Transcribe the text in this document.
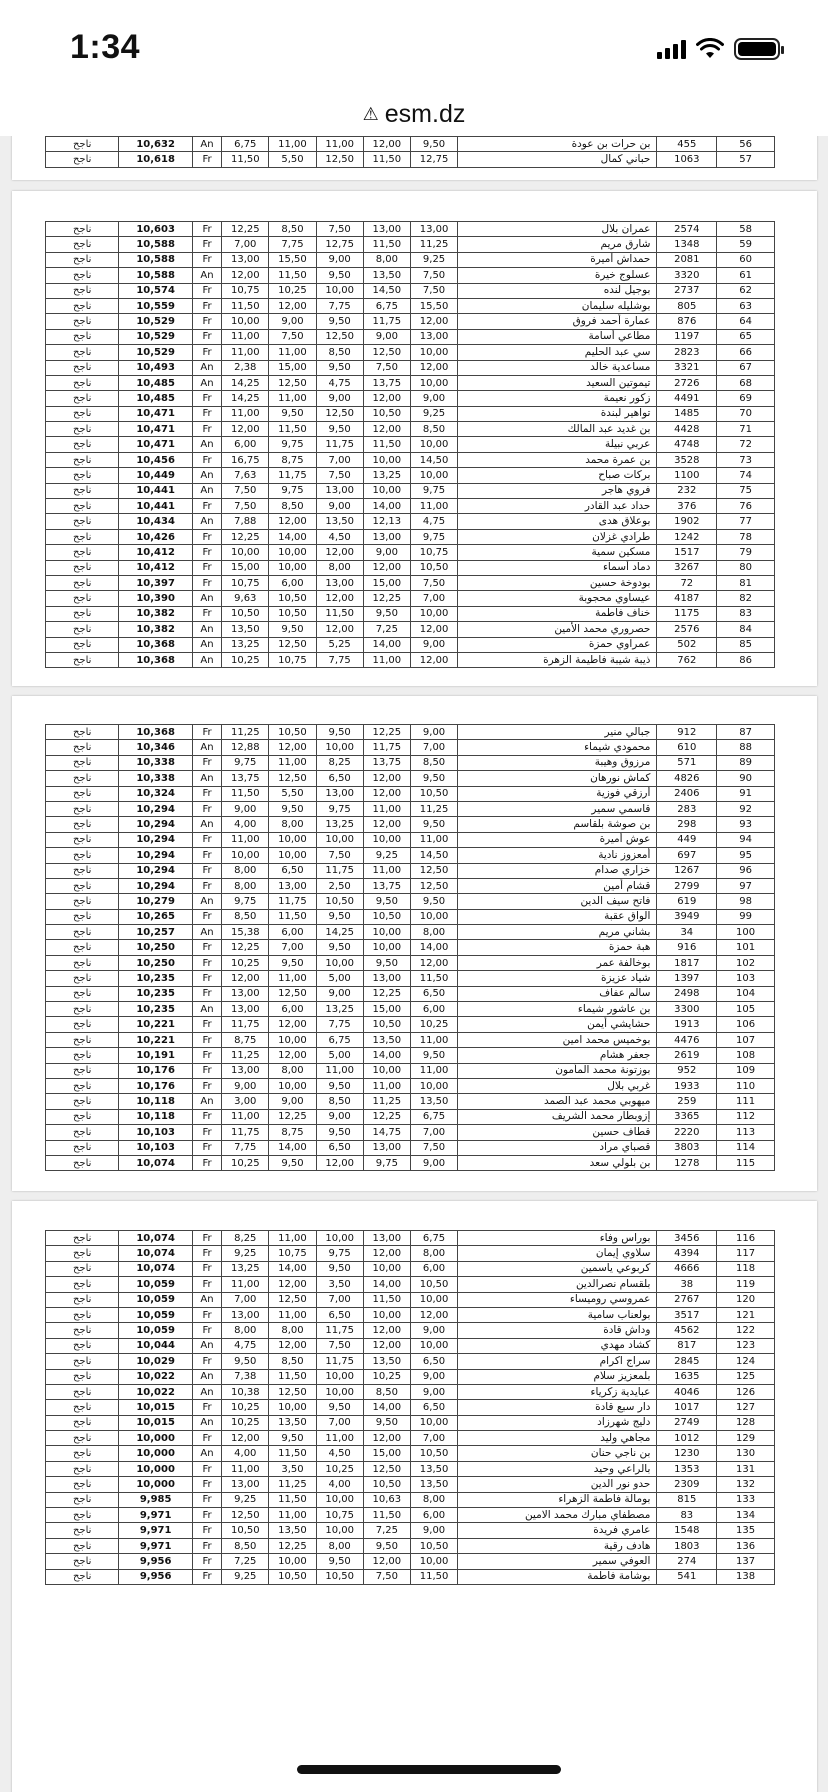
1:34
⚠ esm.dz
ناجح	10,632	An	6,75	11,00	11,00	12,00	9,50	بن حرات بن عودة	455	56
ناجح	10,618	Fr	11,50	5,50	12,50	11,50	12,75	حباني كمال	1063	57
ناجح	10,603	Fr	12,25	8,50	7,50	13,00	13,00	عمران بلال	2574	58
ناجح	10,588	Fr	7,00	7,75	12,75	11,50	11,25	شارق مريم	1348	59
ناجح	10,588	Fr	13,00	15,50	9,00	8,00	9,25	حمداش أميرة	2081	60
ناجح	10,588	An	12,00	11,50	9,50	13,50	7,50	عسلوج خيرة	3320	61
ناجح	10,574	Fr	10,75	10,25	10,00	14,50	7,50	بوجيل لنده	2737	62
ناجح	10,559	Fr	11,50	12,00	7,75	6,75	15,50	بوشليله سليمان	805	63
ناجح	10,529	Fr	10,00	9,00	9,50	11,75	12,00	عمارة أحمد فروق	876	64
ناجح	10,529	Fr	11,00	7,50	12,50	9,00	13,00	مطاعي أسامة	1197	65
ناجح	10,529	Fr	11,00	11,00	8,50	12,50	10,00	سي عبد الحليم	2823	66
ناجح	10,493	An	2,38	15,00	9,50	7,50	12,00	مساعدية خالد	3321	67
ناجح	10,485	An	14,25	12,50	4,75	13,75	10,00	تيموتين السعيد	2726	68
ناجح	10,485	Fr	14,25	11,00	9,00	12,00	9,00	زكور نعيمة	4491	69
ناجح	10,471	Fr	11,00	9,50	12,50	10,50	9,25	تواهير لبندة	1485	70
ناجح	10,471	Fr	12,00	11,50	9,50	12,00	8,50	بن غديد عبد المالك	4428	71
ناجح	10,471	An	6,00	9,75	11,75	11,50	10,00	عربي نبيلة	4748	72
ناجح	10,456	Fr	16,75	8,75	7,00	10,00	14,50	بن عمرة محمد	3528	73
ناجح	10,449	An	7,63	11,75	7,50	13,25	10,00	بركات صباح	1100	74
ناجح	10,441	An	7,50	9,75	13,00	10,00	9,75	فروي هاجر	232	75
ناجح	10,441	Fr	7,50	8,50	9,00	14,00	11,00	حداد عبد القادر	376	76
ناجح	10,434	An	7,88	12,00	13,50	12,13	4,75	بوعلاق هدى	1902	77
ناجح	10,426	Fr	12,25	14,00	4,50	13,00	9,75	طرادي غزلان	1242	78
ناجح	10,412	Fr	10,00	10,00	12,00	9,00	10,75	مسكين سمية	1517	79
ناجح	10,412	Fr	15,00	10,00	8,00	12,00	10,50	دماد أسماء	3267	80
ناجح	10,397	Fr	10,75	6,00	13,00	15,00	7,50	بودوخة حسين	72	81
ناجح	10,390	An	9,63	10,50	12,00	12,25	7,00	عيساوي محجوبة	4187	82
ناجح	10,382	Fr	10,50	10,50	11,50	9,50	10,00	خناف فاطمة	1175	83
ناجح	10,382	An	13,50	9,50	12,00	7,25	12,00	حصروري محمد الأمين	2576	84
ناجح	10,368	An	13,25	12,50	5,25	14,00	9,00	عمراوي حمزة	502	85
ناجح	10,368	An	10,25	10,75	7,75	11,00	12,00	ذيبة شيبة فاطيمة الزهرة	762	86
ناجح	10,368	Fr	11,25	10,50	9,50	12,25	9,00	جبالي منير	912	87
ناجح	10,346	An	12,88	12,00	10,00	11,75	7,00	محمودي شيماء	610	88
ناجح	10,338	Fr	9,75	11,00	8,25	13,75	8,50	مرزوق وهيبة	571	89
ناجح	10,338	An	13,75	12,50	6,50	12,00	9,50	كماش نورهان	4826	90
ناجح	10,324	Fr	11,50	5,50	13,00	12,00	10,50	أرزقي فوزية	2406	91
ناجح	10,294	Fr	9,00	9,50	9,75	11,00	11,25	قاسمي سمير	283	92
ناجح	10,294	An	4,00	8,00	13,25	12,00	9,50	بن صوشة بلقاسم	298	93
ناجح	10,294	Fr	11,00	10,00	10,00	10,00	11,00	عوش أميرة	449	94
ناجح	10,294	Fr	10,00	10,00	7,50	9,25	14,50	أمعزوز نادية	697	95
ناجح	10,294	Fr	8,00	6,50	11,75	11,00	12,50	خزاري صدام	1267	96
ناجح	10,294	Fr	8,00	13,00	2,50	13,75	12,50	قشام أمين	2799	97
ناجح	10,279	An	9,75	11,75	10,50	9,50	9,50	فاتح سيف الدين	619	98
ناجح	10,265	Fr	8,50	11,50	9,50	10,50	10,00	الواق عقبة	3949	99
ناجح	10,257	An	15,38	6,00	14,25	10,00	8,00	بشاني مريم	34	100
ناجح	10,250	Fr	12,25	7,00	9,50	10,00	14,00	هبة حمزة	916	101
ناجح	10,250	Fr	10,25	9,50	10,00	9,50	12,00	بوخالفة عمر	1817	102
ناجح	10,235	Fr	12,00	11,00	5,00	13,00	11,50	شياد عزيزة	1397	103
ناجح	10,235	Fr	13,00	12,50	9,00	12,25	6,50	سالم عفاف	2498	104
ناجح	10,235	An	13,00	6,00	13,25	15,00	6,00	بن عاشور شيماء	3300	105
ناجح	10,221	Fr	11,75	12,00	7,75	10,50	10,25	حشايشي أيمن	1913	106
ناجح	10,221	Fr	8,75	10,00	6,75	13,50	11,00	بوخميس محمد امين	4476	107
ناجح	10,191	Fr	11,25	12,00	5,00	14,00	9,50	جعفر هشام	2619	108
ناجح	10,176	Fr	13,00	8,00	11,00	10,00	11,00	بوزتونة محمد المأمون	952	109
ناجح	10,176	Fr	9,00	10,00	9,50	11,00	10,00	غربي بلال	1933	110
ناجح	10,118	An	3,00	9,00	8,50	11,25	13,50	ميهوبي محمد عبد الصمد	259	111
ناجح	10,118	Fr	11,00	12,25	9,00	12,25	6,75	إزوبطار محمد الشريف	3365	112
ناجح	10,103	Fr	11,75	8,75	9,50	14,75	7,00	قطاف حسين	2220	113
ناجح	10,103	Fr	7,75	14,00	6,50	13,00	7,50	قصباي مراد	3803	114
ناجح	10,074	Fr	10,25	9,50	12,00	9,75	9,00	بن بلولي سعد	1278	115
ناجح	10,074	Fr	8,25	11,00	10,00	13,00	6,75	بوراس وفاء	3456	116
ناجح	10,074	Fr	9,25	10,75	9,75	12,00	8,00	سلاوي إيمان	4394	117
ناجح	10,074	Fr	13,25	14,00	9,50	10,00	6,00	كربوعي ياسمين	4666	118
ناجح	10,059	Fr	11,00	12,00	3,50	14,00	10,50	بلقسام نصرالدين	38	119
ناجح	10,059	An	7,00	12,50	7,00	11,50	10,00	عمروسي رومیساء	2767	120
ناجح	10,059	Fr	13,00	11,00	6,50	10,00	12,00	بولعناب سامية	3517	121
ناجح	10,059	Fr	8,00	8,00	11,75	12,00	9,00	وداش قادة	4562	122
ناجح	10,044	An	4,75	12,00	7,50	12,00	10,00	كشاد مهدي	817	123
ناجح	10,029	Fr	9,50	8,50	11,75	13,50	6,50	سراج اكرام	2845	124
ناجح	10,022	An	7,38	11,50	10,00	10,25	9,00	بلمعزيز سلام	1635	125
ناجح	10,022	An	10,38	12,50	10,00	8,50	9,00	عبايدية زكرياء	4046	126
ناجح	10,015	Fr	10,25	10,00	9,50	14,00	6,50	دار سبع قادة	1017	127
ناجح	10,015	An	10,25	13,50	7,00	9,50	10,00	دليج شهرزاد	2749	128
ناجح	10,000	Fr	12,00	9,50	11,00	12,00	7,00	مجاهي وليد	1012	129
ناجح	10,000	An	4,00	11,50	4,50	15,00	10,50	بن ناجي حنان	1230	130
ناجح	10,000	Fr	11,00	3,50	10,25	12,50	13,50	بالراعي وحيد	1353	131
ناجح	10,000	Fr	13,00	11,25	4,00	10,50	13,50	حدو نور الدين	2309	132
ناجح	9,985	Fr	9,25	11,50	10,00	10,63	8,00	بومالة فاطمة الزهراء	815	133
ناجح	9,971	Fr	12,50	11,00	10,75	11,50	6,00	مصطفاي مبارك محمد الامين	83	134
ناجح	9,971	Fr	10,50	13,50	10,00	7,25	9,00	عامري فريدة	1548	135
ناجح	9,971	Fr	8,50	12,25	8,00	9,50	10,50	هادف رقية	1803	136
ناجح	9,956	Fr	7,25	10,00	9,50	12,00	10,00	العوفي سمير	274	137
ناجح	9,956	Fr	9,25	10,50	10,50	7,50	11,50	بوشامة فاطمة	541	138
